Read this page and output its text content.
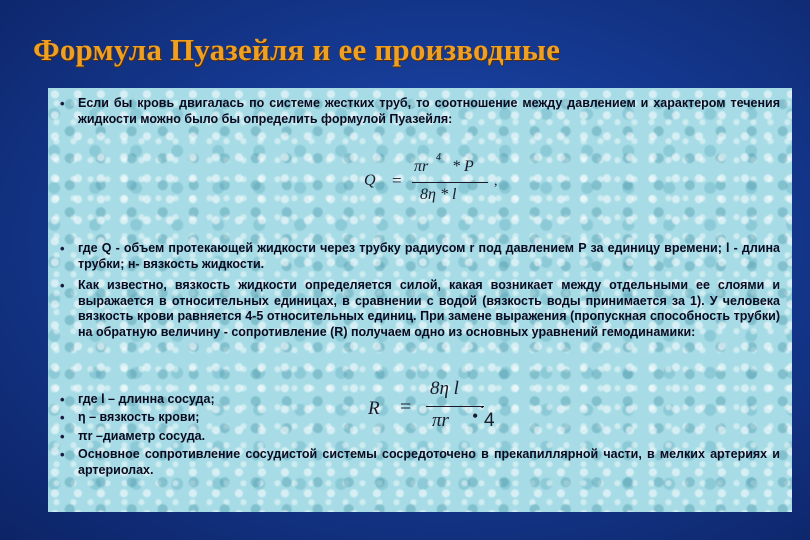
Формула Пуазейля и ее производные
• Если бы кровь двигалась по системе жестких труб, то соотношение между давлением и характером течения жидкости можно было бы определить формулой Пуазейля:
Q =
πr
4
* P
8η * l
,
• где Q - объем протекающей жидкости через трубку радиусом r под давлением P за единицу времени; l - длина трубки; н- вязкость жидкости.
• Как известно, вязкость жидкости определяется силой, какая возникает между отдельными ее слоями и выражается в относительных единицах, в сравнении с водой (вязкость воды принимается за 1). У человека вязкость крови равняется 4-5 относительных единиц. При замене выражения (пропускная способность трубки) на обратную величину - сопротивление (R) получаем одно из основных уравнений гемодинамики:
• где l – длинна сосуда;
• η – вязкость крови;
• πr –диаметр сосуда.
R =
8η l
πr • 4
.
• Основное сопротивление сосудистой системы сосредоточено в прекапиллярной части, в мелких артериях и артериолах.
